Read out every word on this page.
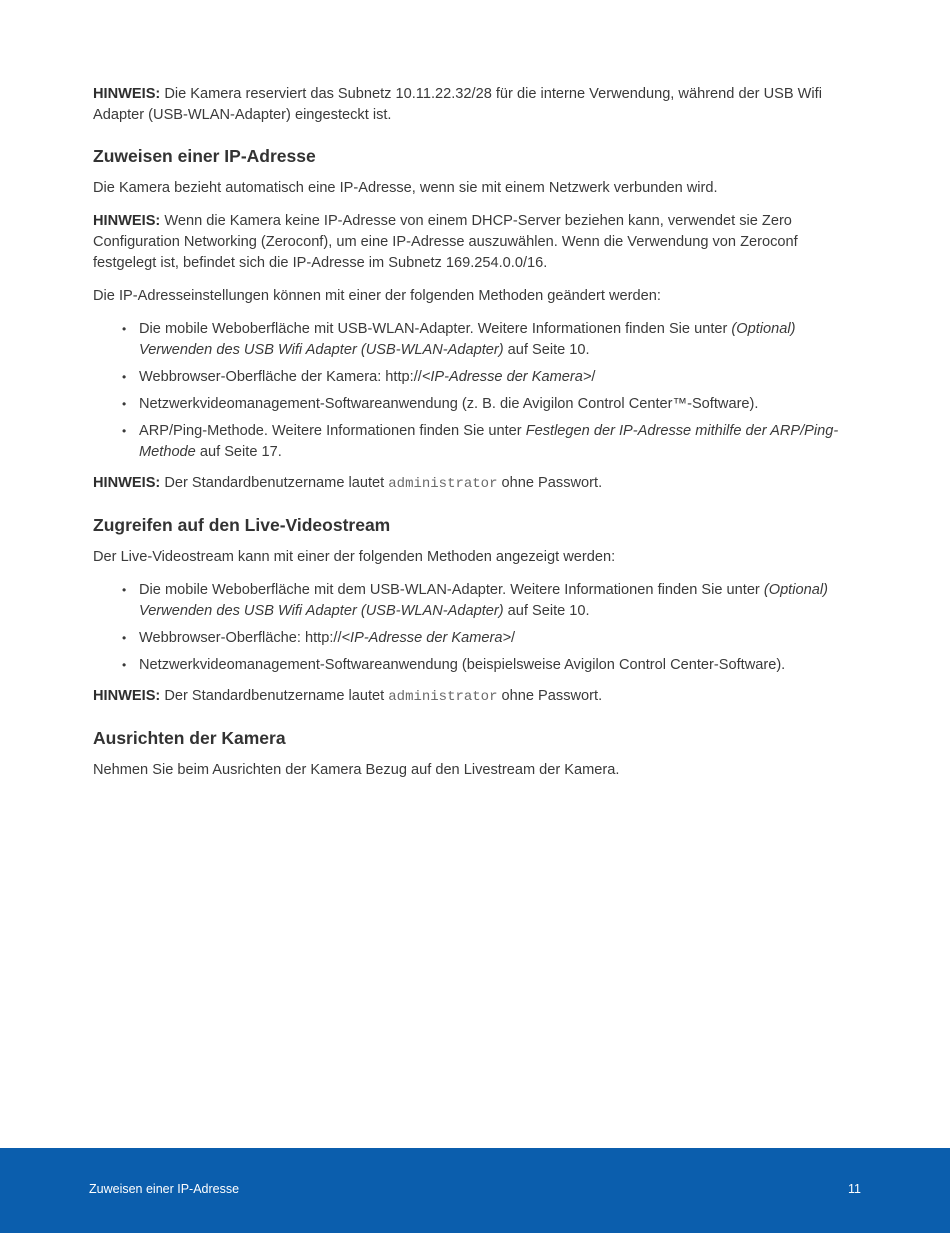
HINWEIS: Die Kamera reserviert das Subnetz 10.11.22.32/28 für die interne Verwendung, während der USB Wifi Adapter (USB-WLAN-Adapter) eingesteckt ist.

Zuweisen einer IP-Adresse

Die Kamera bezieht automatisch eine IP-Adresse, wenn sie mit einem Netzwerk verbunden wird.

HINWEIS: Wenn die Kamera keine IP-Adresse von einem DHCP-Server beziehen kann, verwendet sie Zero Configuration Networking (Zeroconf), um eine IP-Adresse auszuwählen. Wenn die Verwendung von Zeroconf festgelegt ist, befindet sich die IP-Adresse im Subnetz 169.254.0.0/16.

Die IP-Adresseinstellungen können mit einer der folgenden Methoden geändert werden:

• Die mobile Weboberfläche mit USB-WLAN-Adapter. Weitere Informationen finden Sie unter (Optional) Verwenden des USB Wifi Adapter (USB-WLAN-Adapter) auf Seite 10.
• Webbrowser-Oberfläche der Kamera: http://<IP-Adresse der Kamera>/
• Netzwerkvideomanagement-Softwareanwendung (z. B. die Avigilon Control Center™-Software).
• ARP/Ping-Methode. Weitere Informationen finden Sie unter Festlegen der IP-Adresse mithilfe der ARP/Ping-Methode auf Seite 17.

HINWEIS: Der Standardbenutzername lautet administrator ohne Passwort.

Zugreifen auf den Live-Videostream

Der Live-Videostream kann mit einer der folgenden Methoden angezeigt werden:

• Die mobile Weboberfläche mit dem USB-WLAN-Adapter. Weitere Informationen finden Sie unter (Optional) Verwenden des USB Wifi Adapter (USB-WLAN-Adapter) auf Seite 10.
• Webbrowser-Oberfläche: http://<IP-Adresse der Kamera>/
• Netzwerkvideomanagement-Softwareanwendung (beispielsweise Avigilon Control Center-Software).

HINWEIS: Der Standardbenutzername lautet administrator ohne Passwort.

Ausrichten der Kamera

Nehmen Sie beim Ausrichten der Kamera Bezug auf den Livestream der Kamera.

Zuweisen einer IP-Adresse	11
